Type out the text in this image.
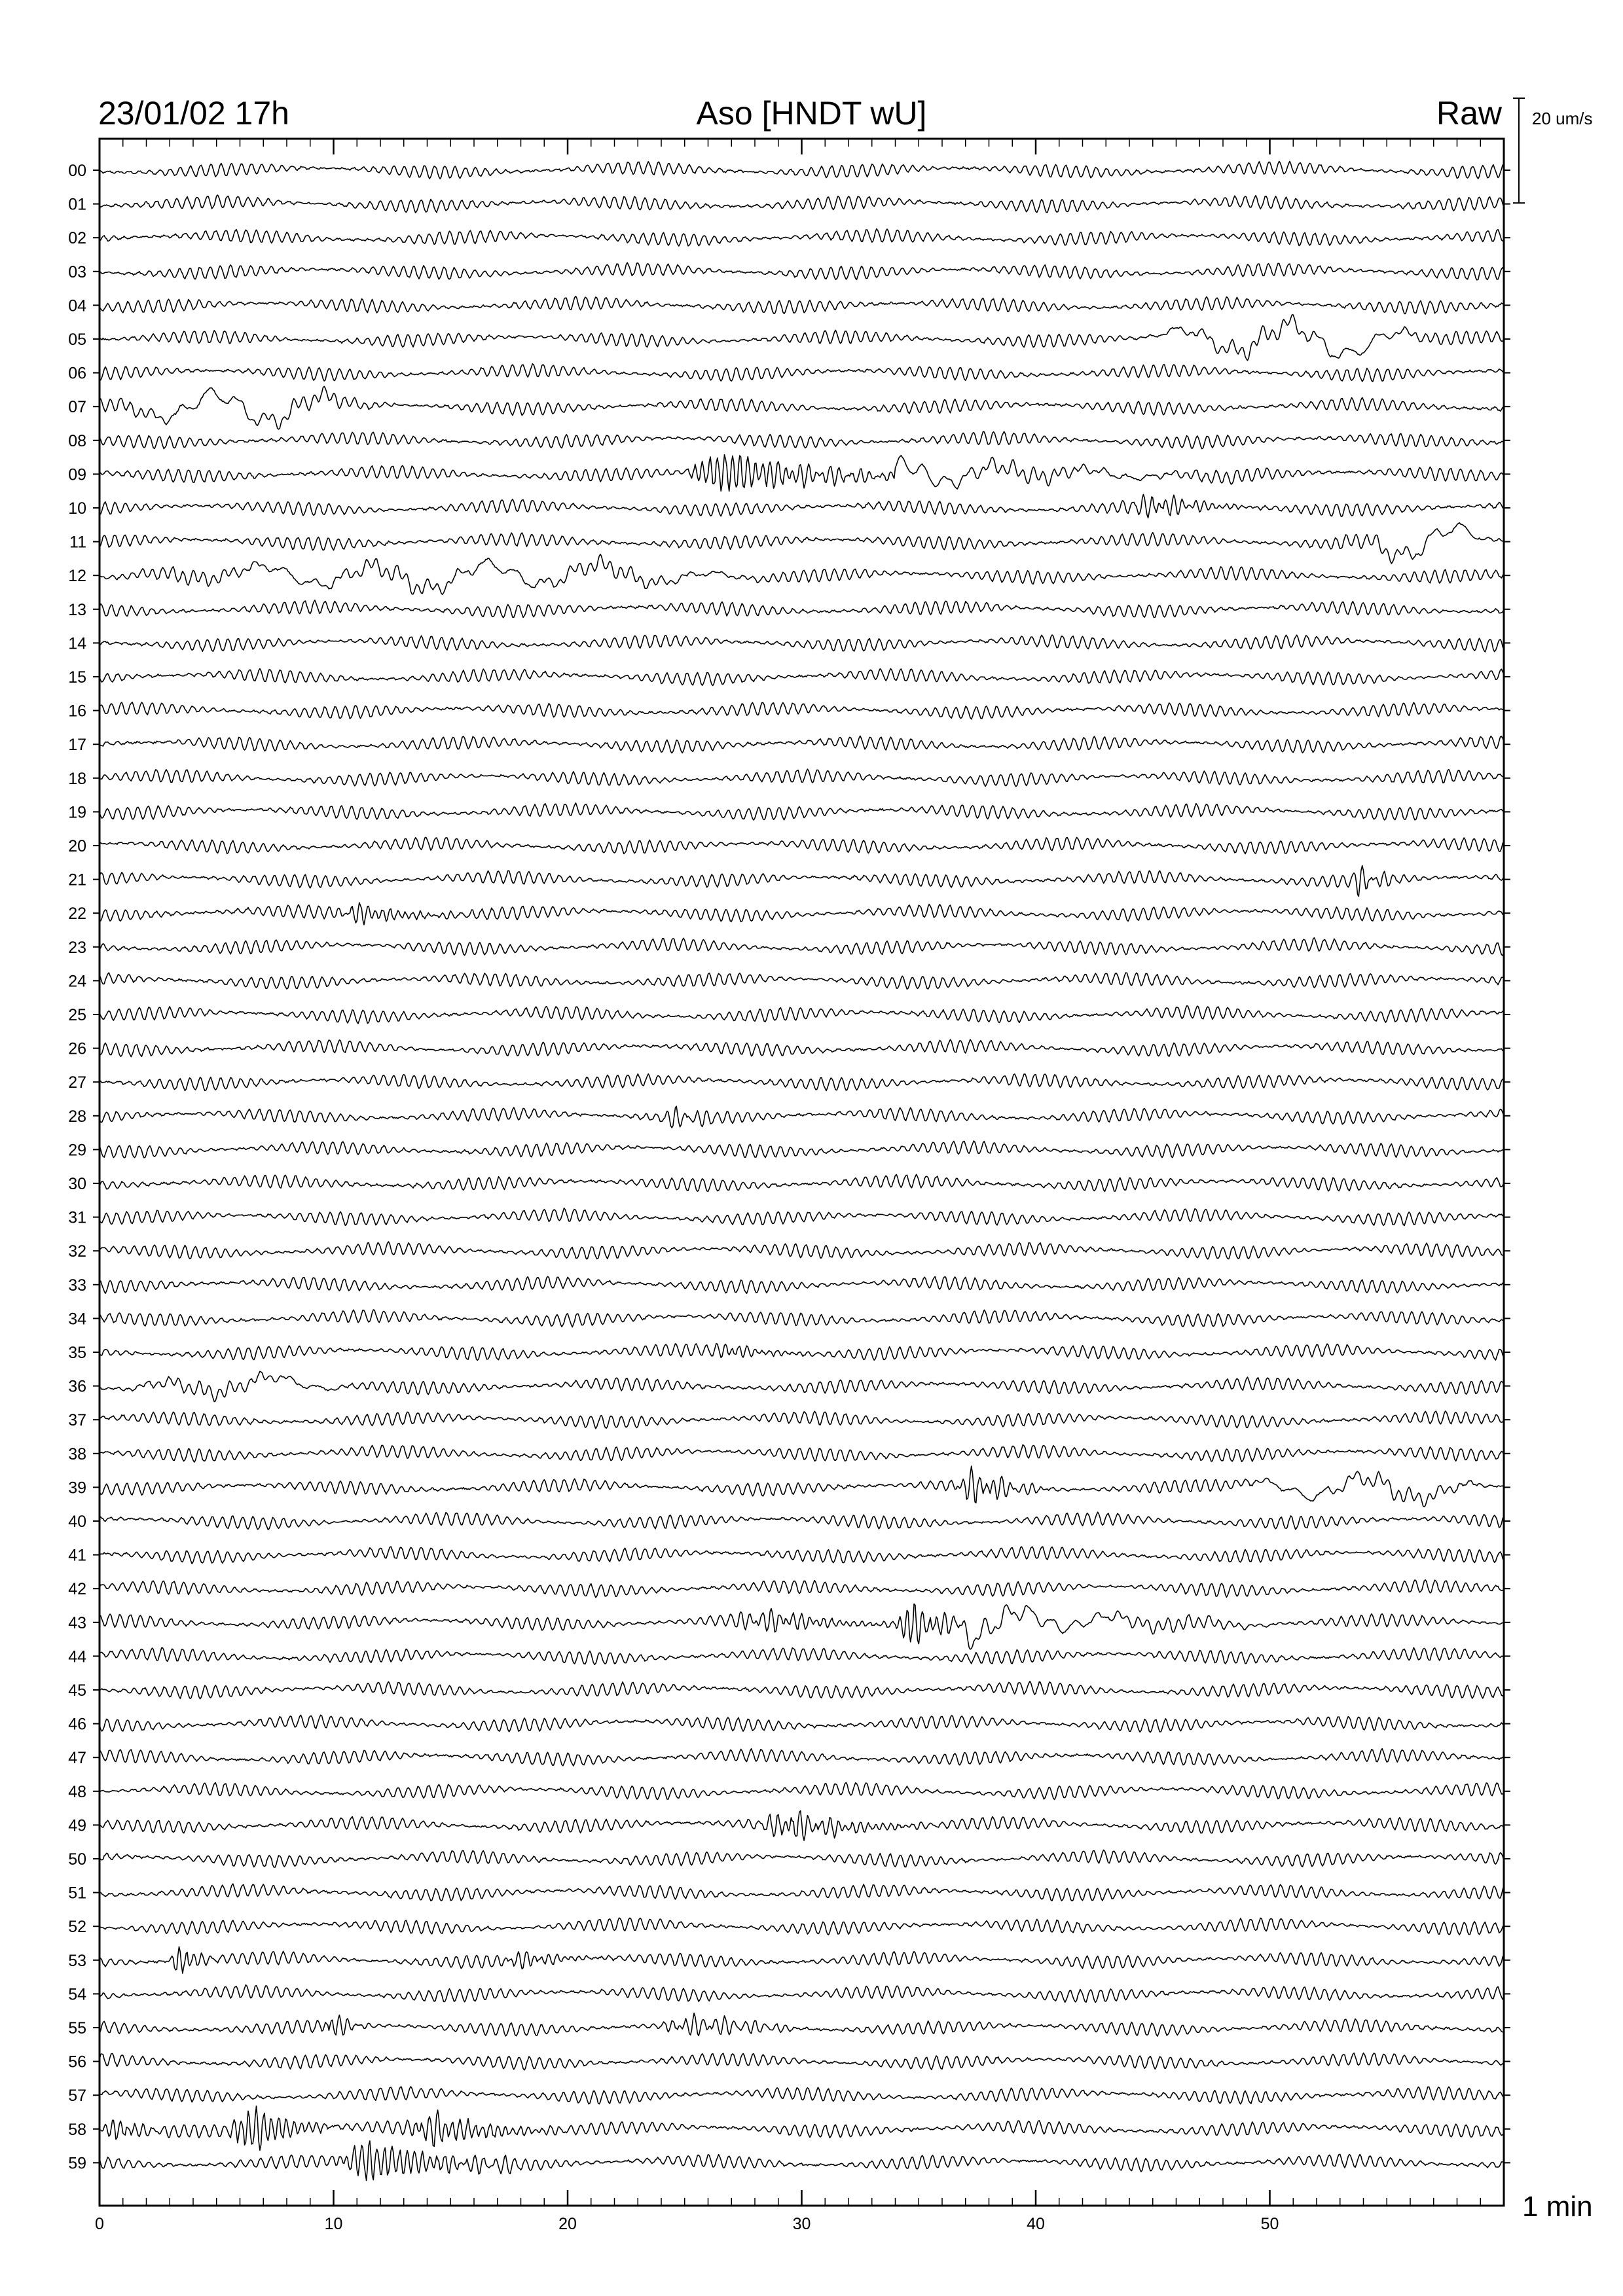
00
01
02
03
04
05
06
07
08
09
10
11
12
13
14
15
16
17
18
19
20
21
22
23
24
25
26
27
28
29
30
31
32
33
34
35
36
37
38
39
40
41
42
43
44
45
46
47
48
49
50
51
52
53
54
55
56
57
58
59
0	10	20	30	40	50
23/01/02 17h	Aso [HNDT wU]	Raw 20 um/s
1 min
